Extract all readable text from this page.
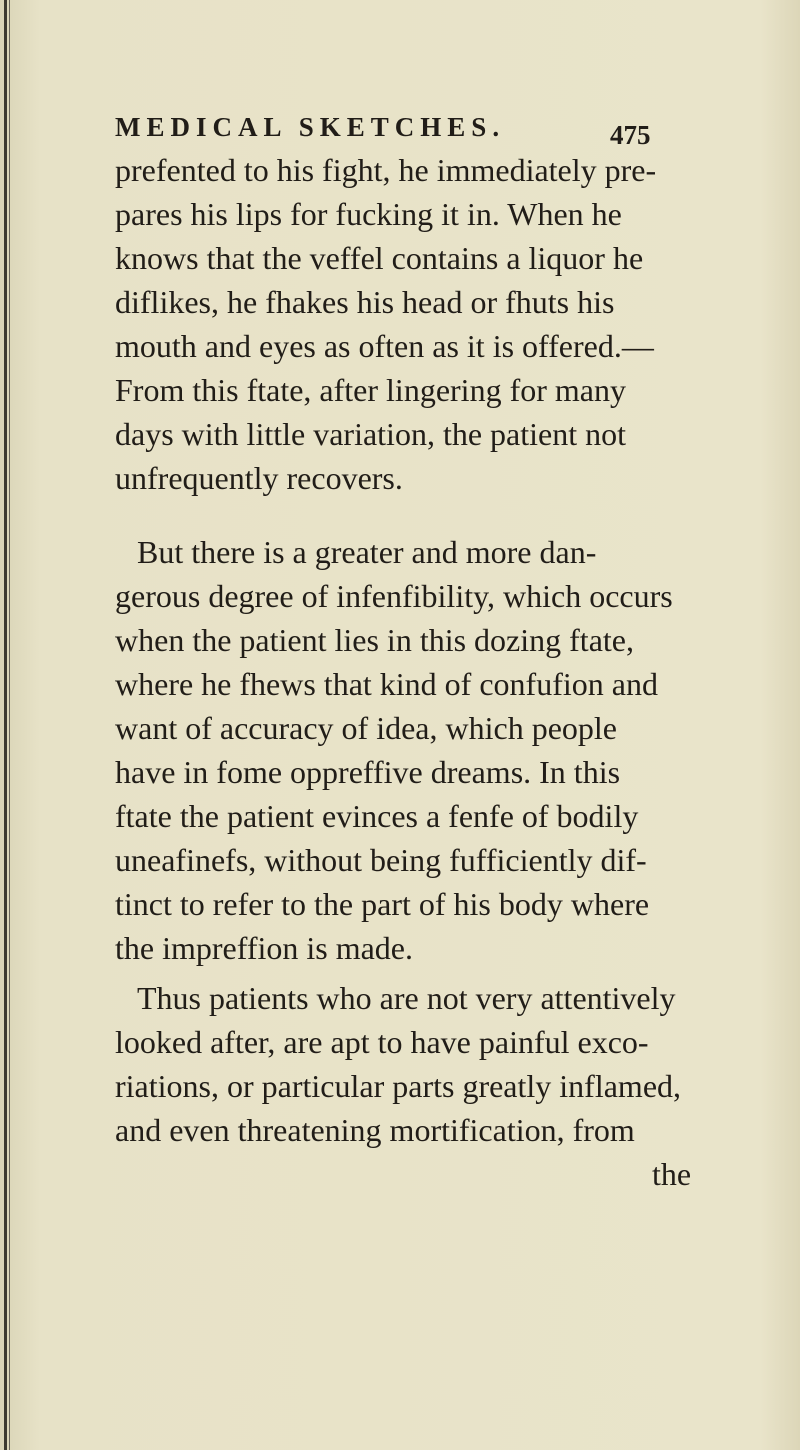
MEDICAL SKETCHES.	475
prefented to his fight, he immediately pre-
pares his lips for fucking it in. When he
knows that the veffel contains a liquor he
diflikes, he fhakes his head or fhuts his
mouth and eyes as often as it is offered.—
From this ftate, after lingering for many
days with little variation, the patient not
unfrequently recovers.
But there is a greater and more dan-
gerous degree of infenfibility, which occurs
when the patient lies in this dozing ftate,
where he fhews that kind of confufion and
want of accuracy of idea, which people
have in fome oppreffive dreams. In this
ftate the patient evinces a fenfe of bodily
uneafinefs, without being fufficiently dif-
tinct to refer to the part of his body where
the impreffion is made.
Thus patients who are not very attentively
looked after, are apt to have painful exco-
riations, or particular parts greatly inflamed,
and even threatening mortification, from
the
